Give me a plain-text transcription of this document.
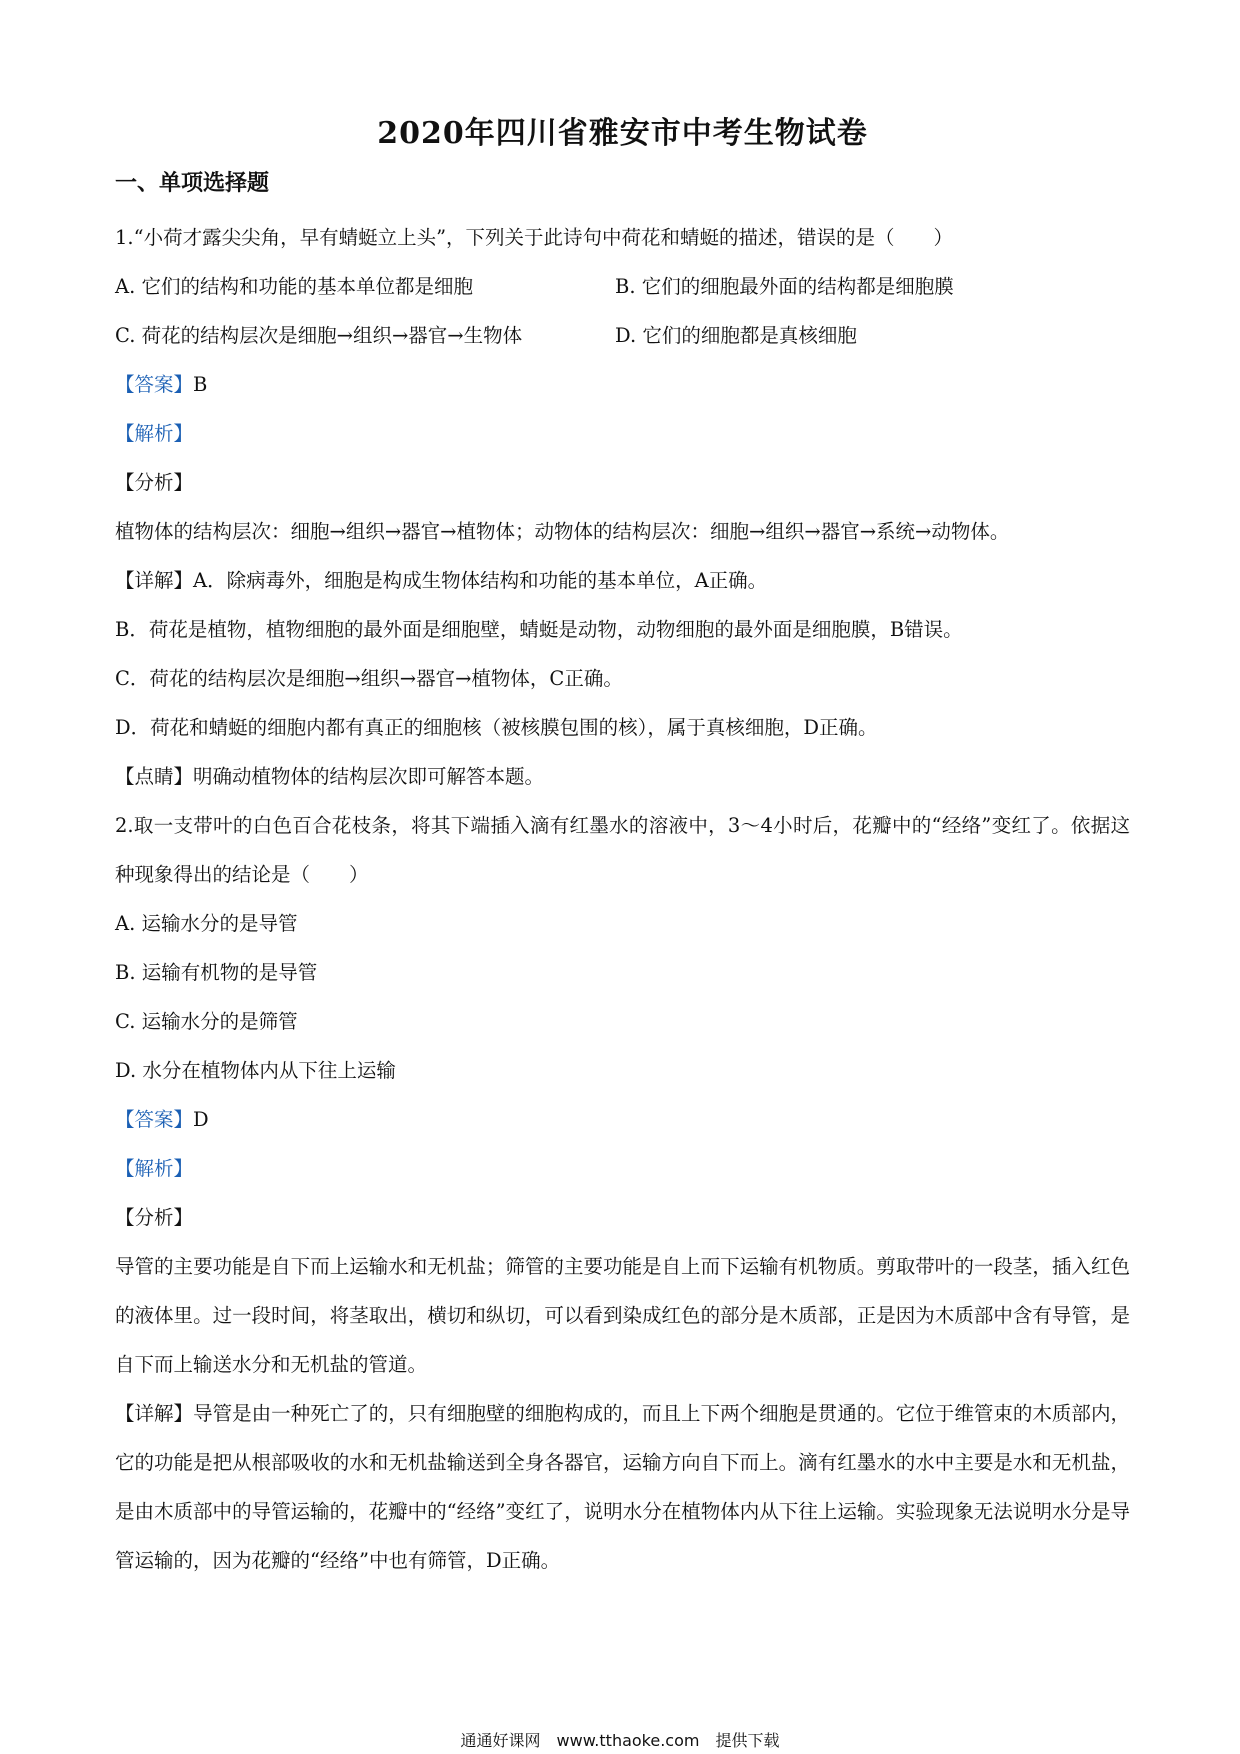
2020年四川省雅安市中考生物试卷
一、单项选择题
1.“小荷才露尖尖角，早有蜻蜓立上头”，下列关于此诗句中荷花和蜻蜓的描述，错误的是（　　）
A. 它们的结构和功能的基本单位都是细胞	B. 它们的细胞最外面的结构都是细胞膜
C. 荷花的结构层次是细胞→组织→器官→生物体	D. 它们的细胞都是真核细胞
【答案】B
【解析】
【分析】
植物体的结构层次：细胞→组织→器官→植物体；动物体的结构层次：细胞→组织→器官→系统→动物体。
【详解】A．除病毒外，细胞是构成生物体结构和功能的基本单位，A正确。
B．荷花是植物，植物细胞的最外面是细胞壁，蜻蜓是动物，动物细胞的最外面是细胞膜，B错误。
C．荷花的结构层次是细胞→组织→器官→植物体，C正确。
D．荷花和蜻蜓的细胞内都有真正的细胞核（被核膜包围的核），属于真核细胞，D正确。
【点睛】明确动植物体的结构层次即可解答本题。
2.取一支带叶的白色百合花枝条，将其下端插入滴有红墨水的溶液中，3～4小时后，花瓣中的“经络”变红了。依据这种现象得出的结论是（　　）
A. 运输水分的是导管
B. 运输有机物的是导管
C. 运输水分的是筛管
D. 水分在植物体内从下往上运输
【答案】D
【解析】
【分析】
导管的主要功能是自下而上运输水和无机盐；筛管的主要功能是自上而下运输有机物质。剪取带叶的一段茎，插入红色的液体里。过一段时间，将茎取出，横切和纵切，可以看到染成红色的部分是木质部，正是因为木质部中含有导管，是自下而上输送水分和无机盐的管道。
【详解】导管是由一种死亡了的，只有细胞壁的细胞构成的，而且上下两个细胞是贯通的。它位于维管束的木质部内，它的功能是把从根部吸收的水和无机盐输送到全身各器官，运输方向自下而上。滴有红墨水的水中主要是水和无机盐，是由木质部中的导管运输的，花瓣中的“经络”变红了，说明水分在植物体内从下往上运输。实验现象无法说明水分是导管运输的，因为花瓣的“经络”中也有筛管，D正确。
通通好课网　www.tthaoke.com　提供下载
